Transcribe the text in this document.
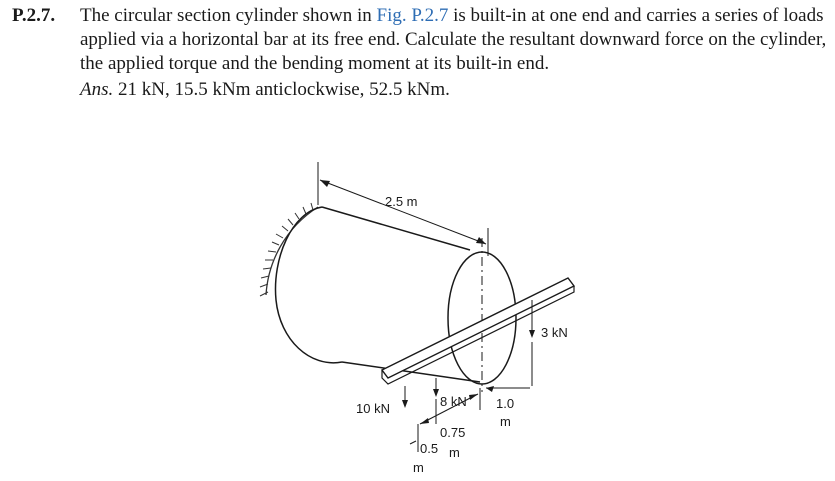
P.2.7. The circular section cylinder shown in Fig. P.2.7 is built-in at one end and carries a series of loads
applied via a horizontal bar at its free end. Calculate the resultant downward force on the cylinder,
the applied torque and the bending moment at its built-in end.
Ans. 21 kN, 15.5 kNm anticlockwise, 52.5 kNm.
2.5 m
3 kN
10 kN	8 kN 1.0
m
0.75
m
0.5
m
